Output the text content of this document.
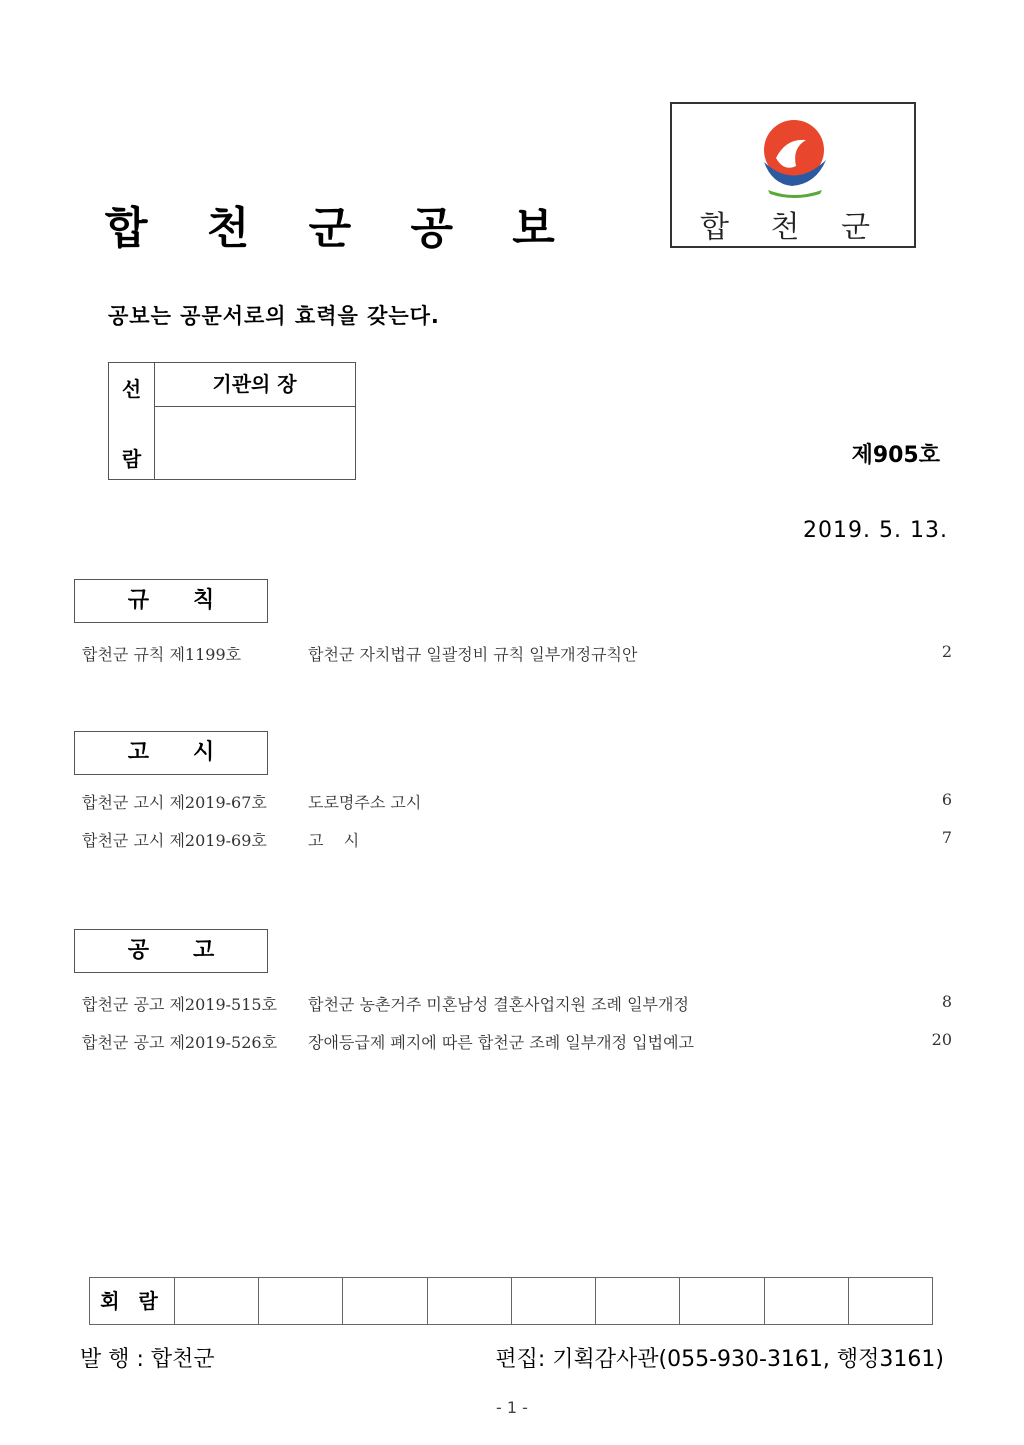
합 천 군 공 보	합 천 군
공보는 공문서로의 효력을 갖는다.
선
람
기관의 장
제905호
2019. 5. 13.
규칙
합천군 규칙 제1199호	합천군 자치법규 일괄정비 규칙 일부개정규칙안	2
고시
합천군 고시 제2019-67호	도로명주소 고시	6
합천군 고시 제2019-69호	고    시	7
공고
합천군 공고 제2019-515호 합천군 농촌거주 미혼남성 결혼사업지원 조례 일부개정	8
합천군 공고 제2019-526호 장애등급제 폐지에 따른 합천군 조례 일부개정 입법예고	20
회 람
발 행 : 합천군	편집: 기획감사관(055-930-3161, 행정3161)
- 1 -
